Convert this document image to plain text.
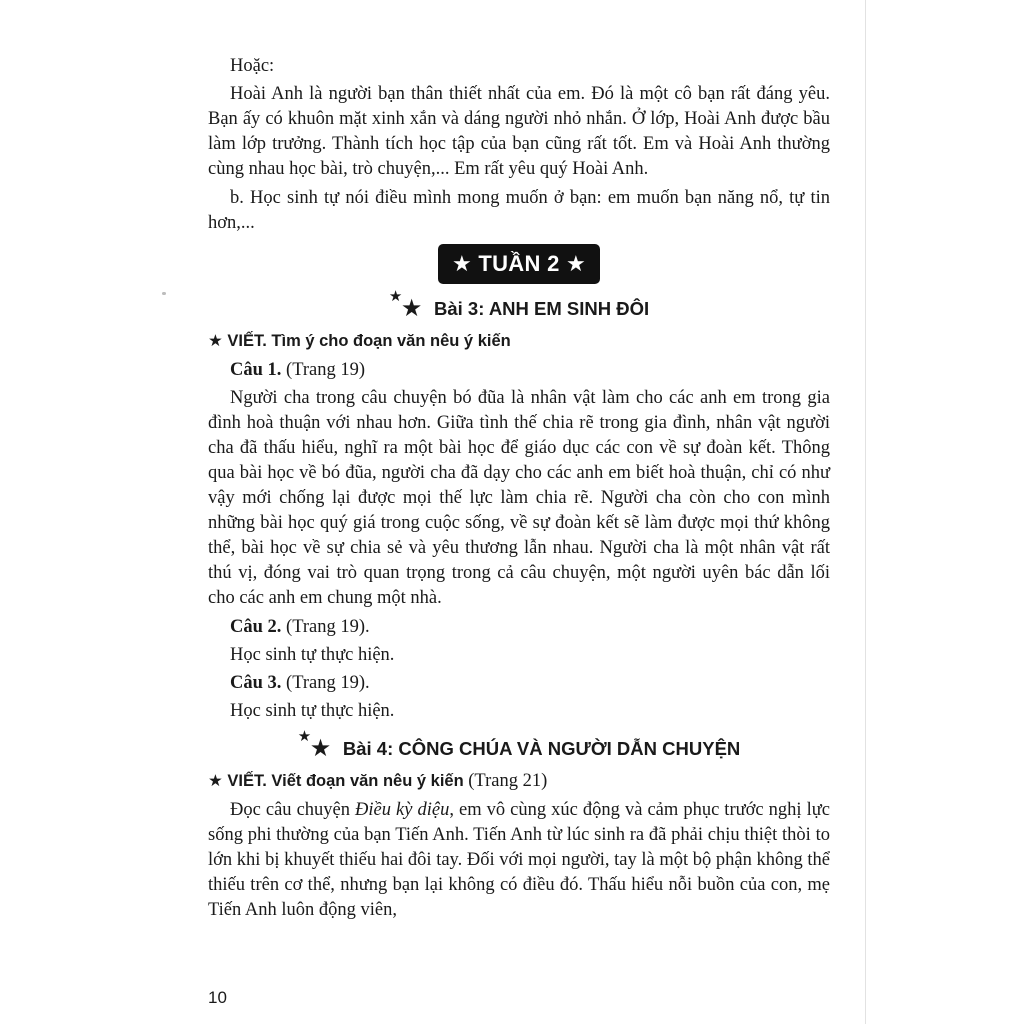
Hoặc:

Hoài Anh là người bạn thân thiết nhất của em. Đó là một cô bạn rất đáng yêu. Bạn ấy có khuôn mặt xinh xắn và dáng người nhỏ nhắn. Ở lớp, Hoài Anh được bầu làm lớp trưởng. Thành tích học tập của bạn cũng rất tốt. Em và Hoài Anh thường cùng nhau học bài, trò chuyện,... Em rất yêu quý Hoài Anh.

b. Học sinh tự nói điều mình mong muốn ở bạn: em muốn bạn năng nổ, tự tin hơn,...

★ TUẦN 2 ★
★
★ Bài 3: ANH EM SINH ĐÔI
★ VIẾT. Tìm ý cho đoạn văn nêu ý kiến

Câu 1. (Trang 19)

Người cha trong câu chuyện bó đũa là nhân vật làm cho các anh em trong gia đình hoà thuận với nhau hơn. Giữa tình thế chia rẽ trong gia đình, nhân vật người cha đã thấu hiểu, nghĩ ra một bài học để giáo dục các con về sự đoàn kết. Thông qua bài học về bó đũa, người cha đã dạy cho các anh em biết hoà thuận, chỉ có như vậy mới chống lại được mọi thế lực làm chia rẽ. Người cha còn cho con mình những bài học quý giá trong cuộc sống, về sự đoàn kết sẽ làm được mọi thứ không thể, bài học về sự chia sẻ và yêu thương lẫn nhau. Người cha là một nhân vật rất thú vị, đóng vai trò quan trọng trong cả câu chuyện, một người uyên bác dẫn lối cho các anh em chung một nhà.

Câu 2. (Trang 19).

Học sinh tự thực hiện.

Câu 3. (Trang 19).

Học sinh tự thực hiện.

★
★ Bài 4: CÔNG CHÚA VÀ NGƯỜI DẪN CHUYỆN
★ VIẾT. Viết đoạn văn nêu ý kiến (Trang 21)

Đọc câu chuyện Điều kỳ diệu, em vô cùng xúc động và cảm phục trước nghị lực sống phi thường của bạn Tiến Anh. Tiến Anh từ lúc sinh ra đã phải chịu thiệt thòi to lớn khi bị khuyết thiếu hai đôi tay. Đối với mọi người, tay là một bộ phận không thể thiếu trên cơ thể, nhưng bạn lại không có điều đó. Thấu hiểu nỗi buồn của con, mẹ Tiến Anh luôn động viên,

10
